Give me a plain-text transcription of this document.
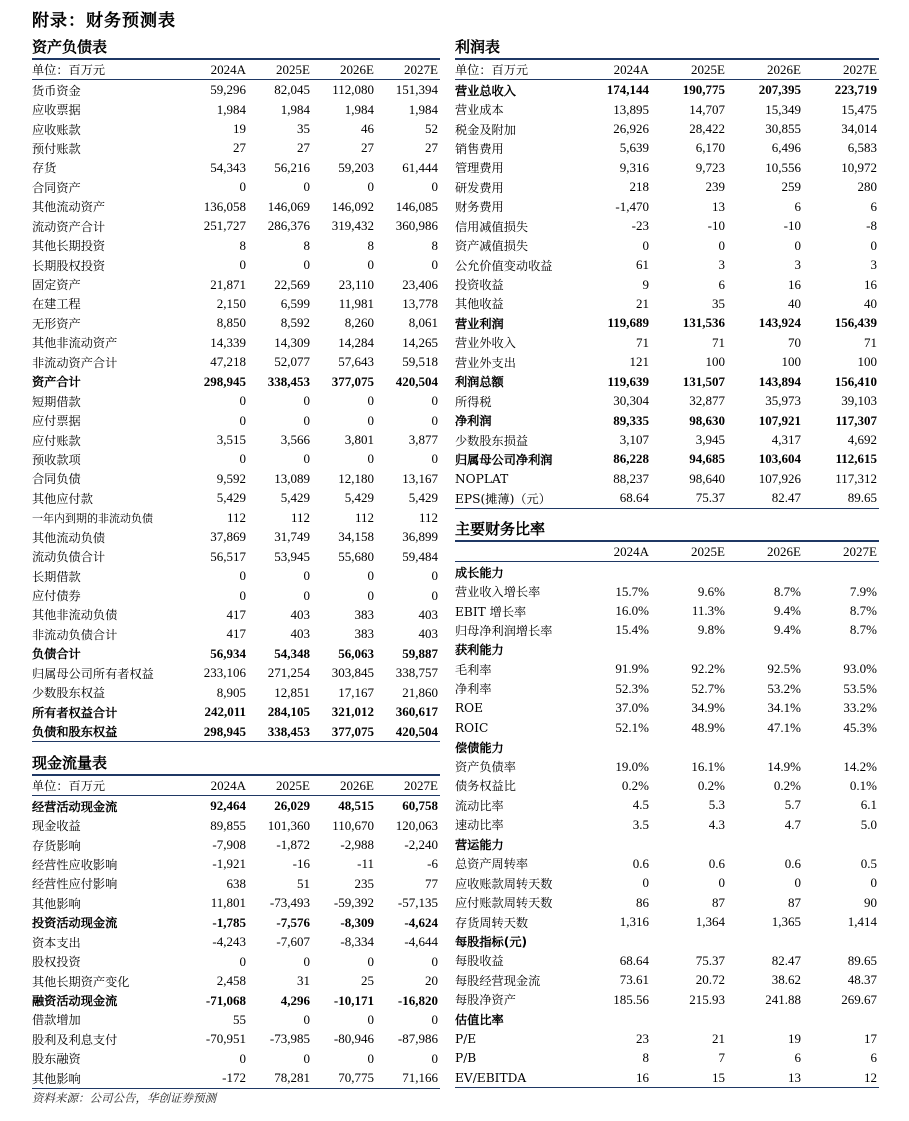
附录：财务预测表
资产负债表
单位：百万元	2024A	2025E	2026E	2027E
货币资金	59,296	82,045	112,080	151,394
应收票据	1,984	1,984	1,984	1,984
应收账款	19	35	46	52
预付账款	27	27	27	27
存货	54,343	56,216	59,203	61,444
合同资产	0	0	0	0
其他流动资产	136,058	146,069	146,092	146,085
流动资产合计	251,727	286,376	319,432	360,986
其他长期投资	8	8	8	8
长期股权投资	0	0	0	0
固定资产	21,871	22,569	23,110	23,406
在建工程	2,150	6,599	11,981	13,778
无形资产	8,850	8,592	8,260	8,061
其他非流动资产	14,339	14,309	14,284	14,265
非流动资产合计	47,218	52,077	57,643	59,518
资产合计	298,945	338,453	377,075	420,504
短期借款	0	0	0	0
应付票据	0	0	0	0
应付账款	3,515	3,566	3,801	3,877
预收款项	0	0	0	0
合同负债	9,592	13,089	12,180	13,167
其他应付款	5,429	5,429	5,429	5,429
一年内到期的非流动负债	112	112	112	112
其他流动负债	37,869	31,749	34,158	36,899
流动负债合计	56,517	53,945	55,680	59,484
长期借款	0	0	0	0
应付债券	0	0	0	0
其他非流动负债	417	403	383	403
非流动负债合计	417	403	383	403
负债合计	56,934	54,348	56,063	59,887
归属母公司所有者权益	233,106	271,254	303,845	338,757
少数股东权益	8,905	12,851	17,167	21,860
所有者权益合计	242,011	284,105	321,012	360,617
负债和股东权益	298,945	338,453	377,075	420,504
现金流量表
单位：百万元	2024A	2025E	2026E	2027E
经营活动现金流	92,464	26,029	48,515	60,758
现金收益	89,855	101,360	110,670	120,063
存货影响	-7,908	-1,872	-2,988	-2,240
经营性应收影响	-1,921	-16	-11	-6
经营性应付影响	638	51	235	77
其他影响	11,801	-73,493	-59,392	-57,135
投资活动现金流	-1,785	-7,576	-8,309	-4,624
资本支出	-4,243	-7,607	-8,334	-4,644
股权投资	0	0	0	0
其他长期资产变化	2,458	31	25	20
融资活动现金流	-71,068	4,296	-10,171	-16,820
借款增加	55	0	0	0
股利及利息支付	-70,951	-73,985	-80,946	-87,986
股东融资	0	0	0	0
其他影响	-172	78,281	70,775	71,166
利润表
单位：百万元	2024A	2025E	2026E	2027E
营业总收入	174,144	190,775	207,395	223,719
营业成本	13,895	14,707	15,349	15,475
税金及附加	26,926	28,422	30,855	34,014
销售费用	5,639	6,170	6,496	6,583
管理费用	9,316	9,723	10,556	10,972
研发费用	218	239	259	280
财务费用	-1,470	13	6	6
信用减值损失	-23	-10	-10	-8
资产减值损失	0	0	0	0
公允价值变动收益	61	3	3	3
投资收益	9	6	16	16
其他收益	21	35	40	40
营业利润	119,689	131,536	143,924	156,439
营业外收入	71	71	70	71
营业外支出	121	100	100	100
利润总额	119,639	131,507	143,894	156,410
所得税	30,304	32,877	35,973	39,103
净利润	89,335	98,630	107,921	117,307
少数股东损益	3,107	3,945	4,317	4,692
归属母公司净利润	86,228	94,685	103,604	112,615
NOPLAT	88,237	98,640	107,926	117,312
EPS(摊薄)（元）	68.64	75.37	82.47	89.65
主要财务比率
	2024A	2025E	2026E	2027E
成长能力				
营业收入增长率	15.7%	9.6%	8.7%	7.9%
EBIT 增长率	16.0%	11.3%	9.4%	8.7%
归母净利润增长率	15.4%	9.8%	9.4%	8.7%
获利能力				
毛利率	91.9%	92.2%	92.5%	93.0%
净利率	52.3%	52.7%	53.2%	53.5%
ROE	37.0%	34.9%	34.1%	33.2%
ROIC	52.1%	48.9%	47.1%	45.3%
偿债能力				
资产负债率	19.0%	16.1%	14.9%	14.2%
债务权益比	0.2%	0.2%	0.2%	0.1%
流动比率	4.5	5.3	5.7	6.1
速动比率	3.5	4.3	4.7	5.0
营运能力				
总资产周转率	0.6	0.6	0.6	0.5
应收账款周转天数	0	0	0	0
应付账款周转天数	86	87	87	90
存货周转天数	1,316	1,364	1,365	1,414
每股指标(元)				
每股收益	68.64	75.37	82.47	89.65
每股经营现金流	73.61	20.72	38.62	48.37
每股净资产	185.56	215.93	241.88	269.67
估值比率				
P/E	23	21	19	17
P/B	8	7	6	6
EV/EBITDA	16	15	13	12
资料来源：公司公告，华创证券预测
